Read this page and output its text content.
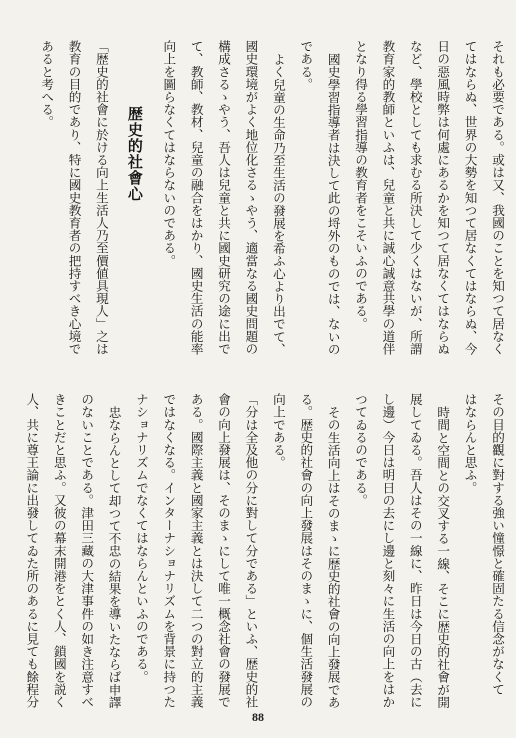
それも必要である。或は又、我國のことを知つて居なく
てはならぬ、世界の大勢を知つて居なくてはならぬ、今
日の惡風時弊は何處にあるかを知つて居なくてはならぬ
など、學校としても求むる所決して少くはないが、所謂
教育家的教師といふは、兒童と共に誠心誠意共學の道伴
となり得る學習指導の教育者をこそいふのである。
國史學習指導者は決して此の埒外のものでは、ないの
である。
よく兒童の生命乃至生活の發展を希ふ心より出でて、
國史環境がよく地位化さるゝやう、適當なる國史問題の
構成さるゝやう、吾人は兒童と共に國史研究の途に出で
て、教師、教材、兒童の融合をはかり、國史生活の能率
向上を圖らなくてはならないのである。
歴史的社會心
「歴史的社會に於ける向上生活人乃至價値具現人」之は
教育の目的であり、特に國史教育者の把持すべき心境で
あると考へる。
その目的觀に對する強い憧憬と確固たる信念がなくて
はならんと思ふ。
時間と空間との交叉する一線、そこに歴史的社會が開
展してゐる。吾人はその一線に、昨日は今日の古（去に
し邊）今日は明日の去にし邊と刻々に生活の向上をはか
つてゐるのである。
その生活向上はそのまゝに歴史的社會の向上發展であ
る。歴史的社會の向上發展はそのまゝに、個生活發展の
向上である。
「分は全及他の分に對して分である」といふ、歴史的社
會の向上發展は、そのまゝにして唯一概念社會の發展で
ある。國際主義と國家主義とは決して二つの對立的主義
ではなくなる。インターナショナリズムを背景に持つた
ナショナリズムでなくてはならんといふのである。
忠ならんとして却つて不忠の結果を導いたならば申譯
のないことである。津田三藏の大津事件の如き注意すべ
きことだと思ふ。又彼の幕末開港をとく人、鎖國を説く
人、共に尊王論に出發してゐた所のあるに見ても餘程分
88
